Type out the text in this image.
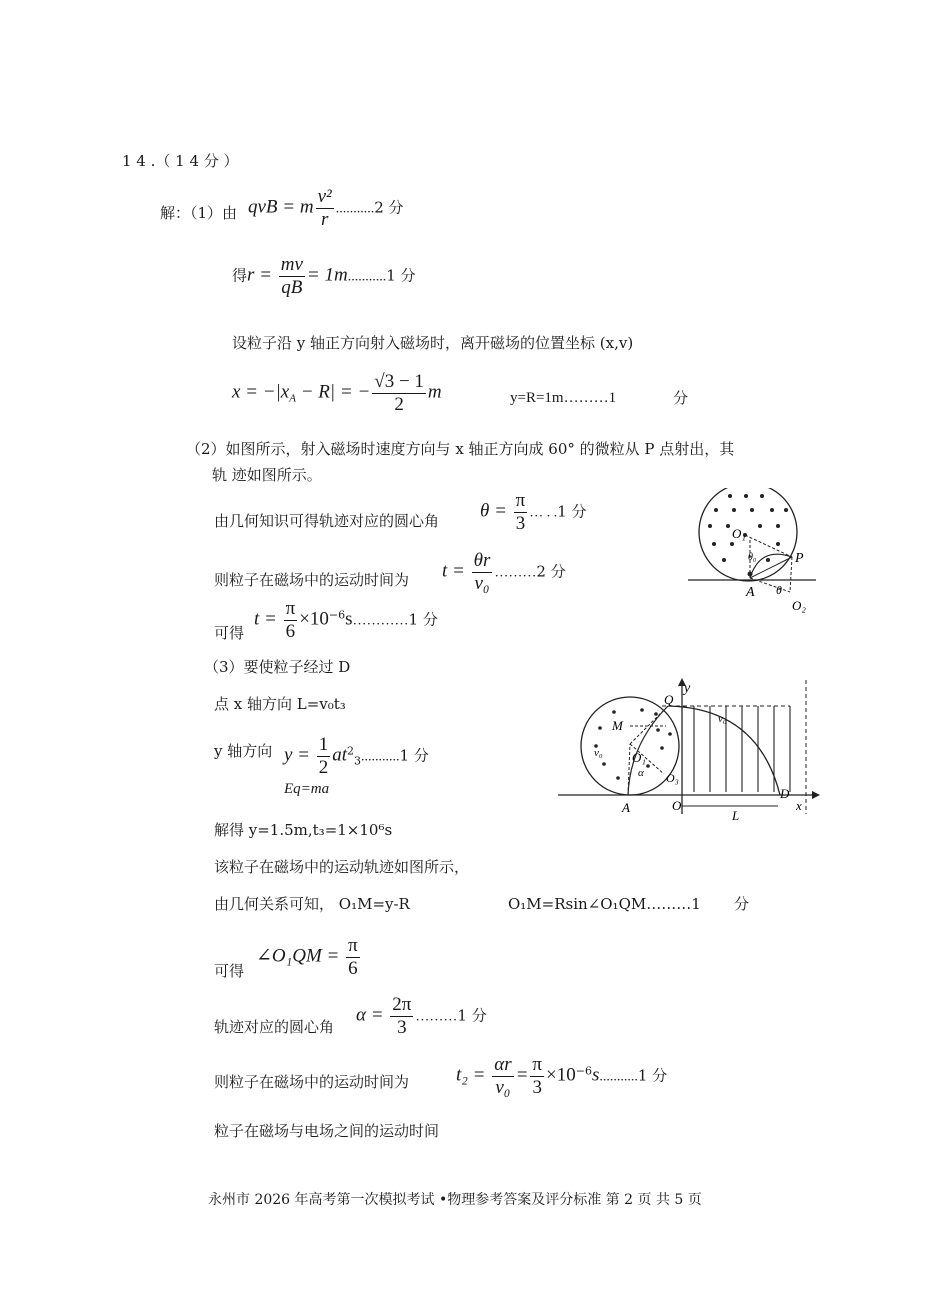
1 4 .（ 1 4 分 ）
解：（1）由 qvB = m $\frac{\text{v²}}{r} ...........2$ 分
得$r = \frac{mv}{qB} = 1m...........1$ 分
设粒子沿 y 轴正方向射入磁场时，离开磁场的位置坐标 (x,v)
$x = -|x_A - R|$ = − $\frac{√3 - 1}{2}$ m	y=R=1m………1	分
（2）如图所示，射入磁场时速度方向与 x 轴正方向成 60° 的微粒从 P 点射出，其
轨 迹如图所示。
由几何知识可得轨迹对应的圆心角 $\theta = \frac{\pi}{3}$ … . .1 分
则粒子在磁场中的运动时间为 $t = \frac{\theta r}{\text{v₀}}$ ………2 分
可得
$t = \frac{\pi}{6}$ $\times 10^{-6}s\dots\dots\dots\dots 1$ 分
O₁
θ₀	P
A θ
O₂
（3）要使粒子经过 D
点 x 轴方向 L=v₀t₃
y 轴方向 $y = \frac{1}{2} at^2_3...........1$ 分
Eq=ma
解得 y=1.5m,t₃=1×10⁶s
该粒子在磁场中的运动轨迹如图所示，
由几何关系可知， O₁M=y-R	O₁M=Rsin∠O₁QM………1 分
可得
∠O₁QM = $\frac{\pi}{6}$
轨迹对应的圆心角
$\alpha = \frac{2\pi}{3}$ ………1 分
则粒子在磁场中的运动时间为 $t_2 = \frac{\alpha r}{\text{v₀}} = \frac{\pi}{3} \times 10^{-6}s...........1$ 分
粒子在磁场与电场之间的运动时间
y
M
Q
v₀
v₀ O₁
α O₃
A	O
D
x
L
永州市 2026 年高考第一次模拟考试 •物理参考答案及评分标准 第 2 页 共 5 页
